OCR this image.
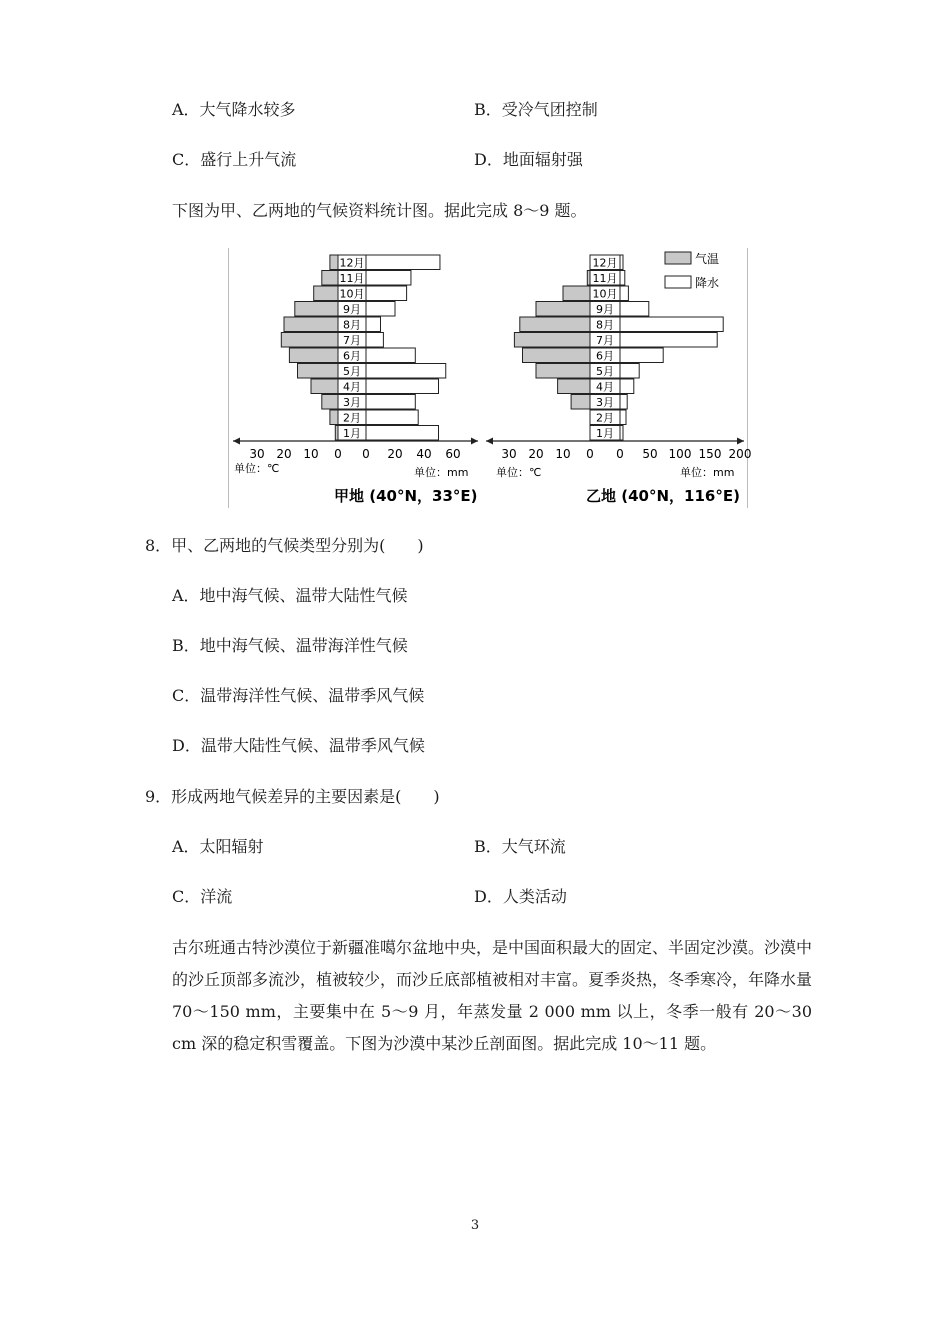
A．大气降水较多	B．受冷气团控制
C．盛行上升气流	D．地面辐射强
下图为甲、乙两地的气候资料统计图。据此完成 8～9 题。
1月
2月
3月
4月
5月
6月
7月
8月
9月
10月
11月
12月
30 20 10 0 0 20 40 60
1月
2月
3月
4月
5月
6月
7月
8月
9月
10月
11月
12月
30 20 10 0 0 50 100 150 200
气温
降水
单位：℃	单位：mm	单位：℃	单位：mm
甲地 (40°N，33°E)	乙地 (40°N，116°E)
8．甲、乙两地的气候类型分别为(　　)
A．地中海气候、温带大陆性气候
B．地中海气候、温带海洋性气候
C．温带海洋性气候、温带季风气候
D．温带大陆性气候、温带季风气候
9．形成两地气候差异的主要因素是(　　)
A．太阳辐射	B．大气环流
C．洋流	D．人类活动
古尔班通古特沙漠位于新疆准噶尔盆地中央，是中国面积最大的固定、半固定沙漠。沙漠中的沙丘顶部多流沙，植被较少，而沙丘底部植被相对丰富。夏季炎热，冬季寒冷，年降水量 70～150 mm，主要集中在 5～9 月，年蒸发量 2 000 mm 以上，冬季一般有 20～30 cm 深的稳定积雪覆盖。下图为沙漠中某沙丘剖面图。据此完成 10～11 题。
3
